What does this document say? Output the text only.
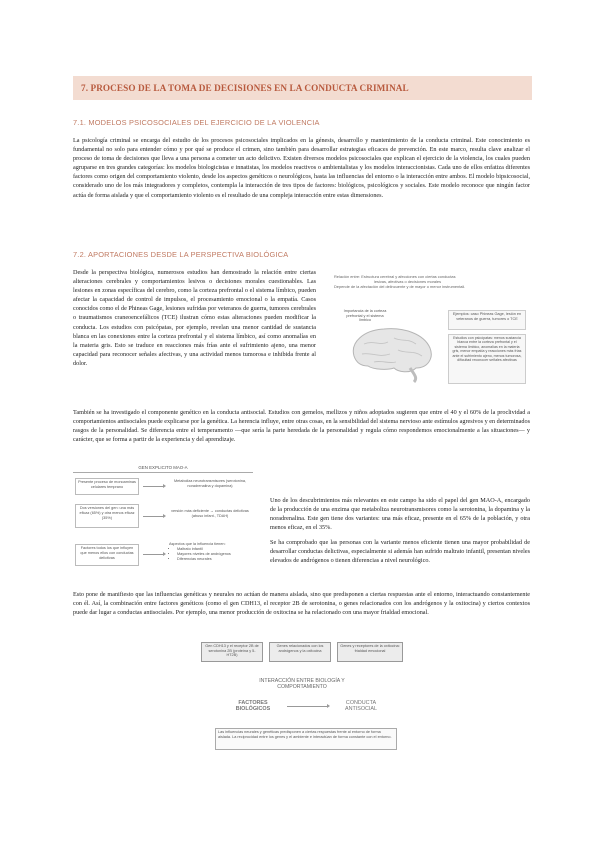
7. PROCESO DE LA TOMA DE DECISIONES EN LA CONDUCTA CRIMINAL
7.1. MODELOS PSICOSOCIALES DEL EJERCICIO DE LA VIOLENCIA

La psicología criminal se encarga del estudio de los procesos psicosociales implicados en la génesis, desarrollo y mantenimiento de la conducta criminal. Este conocimiento es fundamental no solo para entender cómo y por qué se produce el crimen, sino también para desarrollar estrategias eficaces de prevención. En este marco, resulta clave analizar el proceso de toma de decisiones que lleva a una persona a cometer un acto delictivo. Existen diversos modelos psicosociales que explican el ejercicio de la violencia, los cuales pueden agruparse en tres grandes categorías: los modelos biologicistas e innatistas, los modelos reactivos o ambientalistas y los modelos interaccionistas. Cada uno de ellos enfatiza diferentes factores como origen del comportamiento violento, desde los aspectos genéticos o neurológicos, hasta las influencias del entorno o la interacción entre ambos. El modelo bipsicosocial, considerado uno de los más integradores y completos, contempla la interacción de tres tipos de factores: biológicos, psicológicos y sociales. Este modelo reconoce que ningún factor actúa de forma aislada y que el comportamiento violento es el resultado de una compleja interacción entre estas dimensiones.

7.2. APORTACIONES DESDE LA PERSPECTIVA BIOLÓGICA

Desde la perspectiva biológica, numerosos estudios han demostrado la relación entre ciertas alteraciones cerebrales y comportamientos lesivos o decisiones morales cuestionables. Las lesiones en zonas específicas del cerebro, como la corteza prefrontal o el sistema límbico, pueden afectar la capacidad de control de impulsos, el procesamiento emocional o la empatía. Casos conocidos como el de Phineas Gage, lesiones sufridas por veteranos de guerra, tumores cerebrales o traumatismos craneoencefálicos (TCE) ilustran cómo estas alteraciones pueden modificar la conducta. Los estudios con psicópatas, por ejemplo, revelan una menor cantidad de sustancia blanca en las conexiones entre la corteza prefrontal y el sistema límbico, así como anomalías en la materia gris. Esto se traduce en reacciones más frías ante el sufrimiento ajeno, una menor capacidad para reconocer señales afectivas, y una actividad menos tumorosa e inhibida frente al dolor.

Relación entre: Estructura cerebral y afecciones con ciertas conductas
lesivas, afectivas o decisiones morales
Depende de la afectación del delincuente y de mayor o menor instrumentali.
Importancia de la corteza prefrontal y el sistema límbico
Ejemplos: caso Phineas Gage, lesión en veteranos de guerra, tumores o TCE
Estudios con psicópatas: menos sustancia blanca entre la corteza prefrontal y el sistema límbico, anomalías en la materia gris, menor empatía y reacciones más frías ante el sufrimiento ajeno, menos tumorosa, dificultad reconocer señales afectivas

También se ha investigado el componente genético en la conducta antisocial. Estudios con gemelos, mellizos y niños adoptados sugieren que entre el 40 y el 60% de la proclividad a comportamientos antisociales puede explicarse por la genética. La herencia influye, entre otras cosas, en la sensibilidad del sistema nervioso ante estímulos agresivos y en determinados rasgos de la personalidad. Se diferencia entre el temperamento —que sería la parte heredada de la personalidad y regula cómo respondemos emocionalmente a las situaciones— y carácter, que se forma a partir de la experiencia y del aprendizaje.

GEN EXPLICITO MAO-A
Presente proceso de monoaminas celulares temprano
Metaboliza neurotransmisores (serotonina, noradrenalina y dopamina)
Dos versiones del gen: una más eficaz (65%) y otra menos eficaz (35%)
versión más deficiente → conductas delictivas (abuso infant., TDAH)
Factores todos los que influyen que menos ellos con conductas delictivas
Aspectos que la influencia tienen:
• Maltrato infantil
• Mayores niveles de andrógenos
• Diferencias neurales

Uno de los descubrimientos más relevantes en este campo ha sido el papel del gen MAO-A, encargado de la producción de una enzima que metaboliza neurotransmisores como la serotonina, la dopamina y la noradrenalina. Este gen tiene dos variantes: una más eficaz, presente en el 65% de la población, y otra menos eficaz, en el 35%.

Se ha comprobado que las personas con la variante menos eficiente tienen una mayor probabilidad de desarrollar conductas delictivas, especialmente si además han sufrido maltrato infantil, presentan niveles elevados de andrógenos o tienen diferencias a nivel neurológico.

Esto pone de manifiesto que las influencias genéticas y neurales no actúan de manera aislada, sino que predisponen a ciertas respuestas ante el entorno, interactuando constantemente con él. Así, la combinación entre factores genéticos (como el gen CDH13, el receptor 2B de serotonina, o genes relacionados con los andrógenos y la oxitocina) y ciertos contextos puede dar lugar a conductas antisociales. Por ejemplo, una menor producción de oxitocina se ha relacionado con una mayor frialdad emocional.

Gen CDH13 y el receptor 2B de serotonina 2B (proteína y 5-HT2B)
Genes relacionados con los andrógenos y la oxitocina
Genes y receptores de la oxitocina: frialdad emocional
INTERACCIÓN ENTRE BIOLOGÍA Y
COMPORTAMIENTO
FACTORES
BIOLÓGICOS
CONDUCTA
ANTISOCIAL
Las influencias neurales y genéticas predisponen a ciertas respuestas frente al entorno de forma aislada. La reciprocidad entre los genes y el ambiente e interactúan de forma constante con el entorno.
